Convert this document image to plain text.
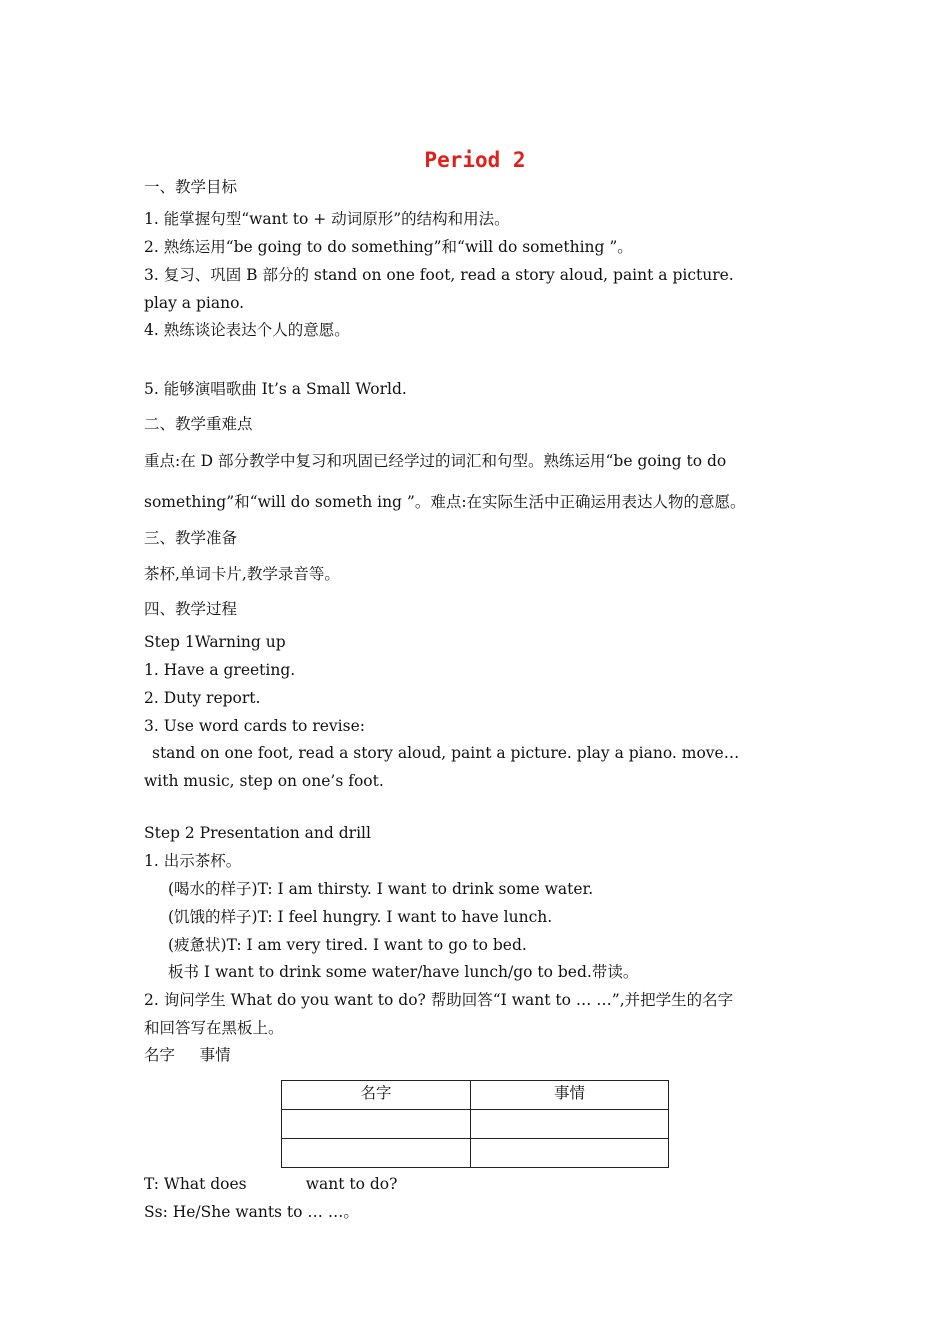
Period 2
一、教学目标
1. 能掌握句型“want to + 动词原形”的结构和用法。
2. 熟练运用“be going to do something”和“will do something ”。
3. 复习、巩固 B 部分的 stand on one foot, read a story aloud, paint a picture.
play a piano.
4. 熟练谈论表达个人的意愿。
5. 能够演唱歌曲 It’s a Small World.
二、教学重难点
重点:在 D 部分教学中复习和巩固已经学过的词汇和句型。熟练运用“be going to do
something”和“will do someth ing ”。难点:在实际生活中正确运用表达人物的意愿。
三、教学准备
茶杯,单词卡片,教学录音等。
四、教学过程
Step 1Warning up
1. Have a greeting.
2. Duty report.
3. Use word cards to revise:
stand on one foot, read a story aloud, paint a picture. play a piano. move…
with music, step on one’s foot.
Step 2 Presentation and drill
1. 出示茶杯。
(喝水的样子)T: I am thirsty. I want to drink some water.
(饥饿的样子)T: I feel hungry. I want to have lunch.
(疲惫状)T: I am very tired. I want to go to bed.
板书 I want to drink some water/have lunch/go to bed.带读。
2. 询问学生 What do you want to do? 帮助回答“I want to … …”,并把学生的名字
和回答写在黑板上。
名字     事情
名字	事情

T: What does            want to do?
Ss: He/She wants to … …。
